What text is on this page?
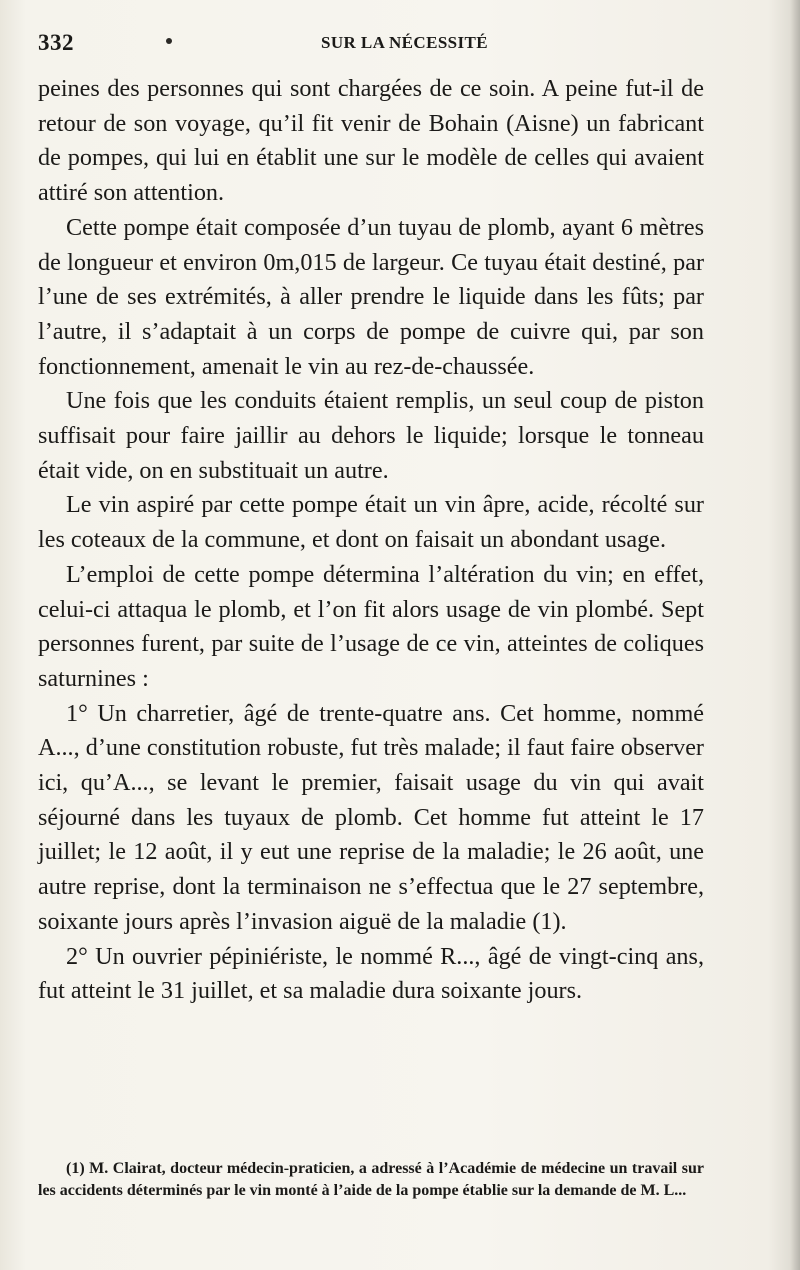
332	SUR LA NÉCESSITÉ

peines des personnes qui sont chargées de ce soin. A peine fut-il de retour de son voyage, qu’il fit venir de Bohain (Aisne) un fabricant de pompes, qui lui en établit une sur le modèle de celles qui avaient attiré son attention.

Cette pompe était composée d’un tuyau de plomb, ayant 6 mètres de longueur et environ 0m,015 de largeur. Ce tuyau était destiné, par l’une de ses extrémités, à aller prendre le liquide dans les fûts; par l’autre, il s’adaptait à un corps de pompe de cuivre qui, par son fonctionnement, amenait le vin au rez-de-chaussée.

Une fois que les conduits étaient remplis, un seul coup de piston suffisait pour faire jaillir au dehors le liquide; lorsque le tonneau était vide, on en substituait un autre.

Le vin aspiré par cette pompe était un vin âpre, acide, récolté sur les coteaux de la commune, et dont on faisait un abondant usage.

L’emploi de cette pompe détermina l’altération du vin; en effet, celui-ci attaqua le plomb, et l’on fit alors usage de vin plombé. Sept personnes furent, par suite de l’usage de ce vin, atteintes de coliques saturnines :

1° Un charretier, âgé de trente-quatre ans. Cet homme, nommé A..., d’une constitution robuste, fut très malade; il faut faire observer ici, qu’A..., se levant le premier, faisait usage du vin qui avait séjourné dans les tuyaux de plomb. Cet homme fut atteint le 17 juillet; le 12 août, il y eut une reprise de la maladie; le 26 août, une autre reprise, dont la terminaison ne s’effectua que le 27 septembre, soixante jours après l’invasion aiguë de la maladie (1).

2° Un ouvrier pépiniériste, le nommé R..., âgé de vingt-cinq ans, fut atteint le 31 juillet, et sa maladie dura soixante jours.

(1) M. Clairat, docteur médecin-praticien, a adressé à l’Académie de médecine un travail sur les accidents déterminés par le vin monté à l’aide de la pompe établie sur la demande de M. L...
